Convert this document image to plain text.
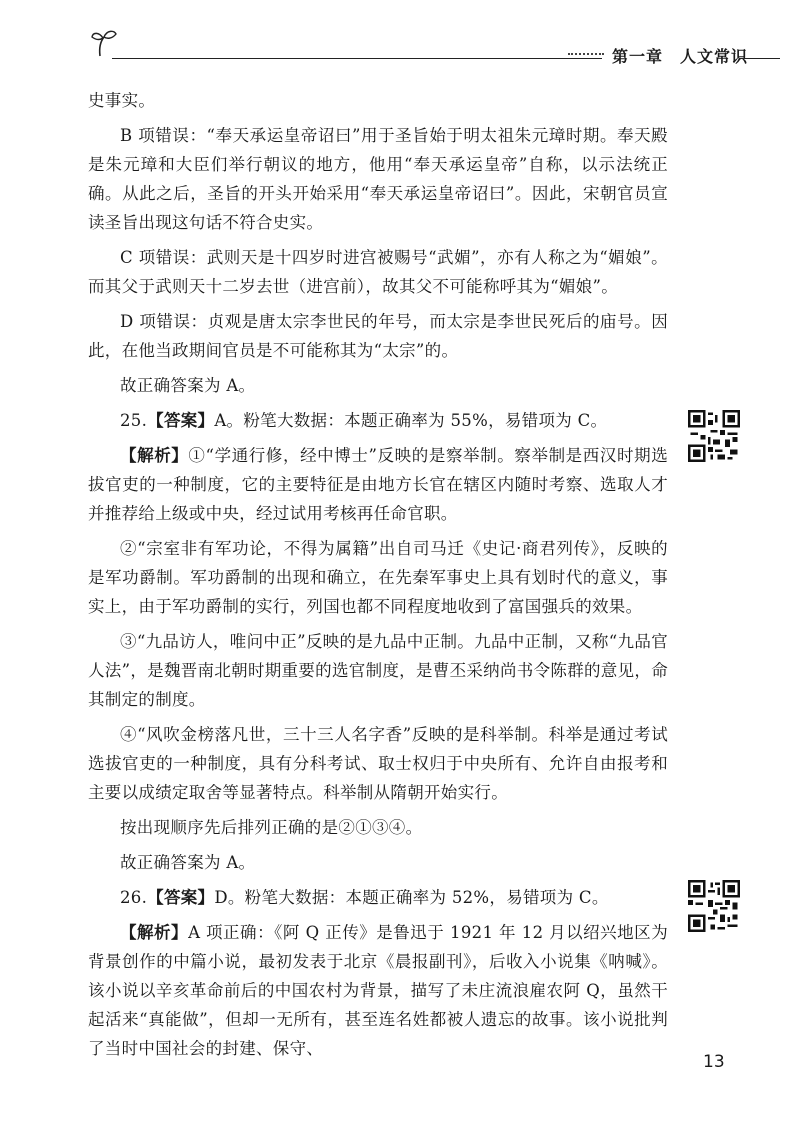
第一章　人文常识

史事实。

B 项错误：“奉天承运皇帝诏曰”用于圣旨始于明太祖朱元璋时期。奉天殿是朱元璋和大臣们举行朝议的地方，他用“奉天承运皇帝”自称，以示法统正确。从此之后，圣旨的开头开始采用“奉天承运皇帝诏曰”。因此，宋朝官员宣读圣旨出现这句话不符合史实。

C 项错误：武则天是十四岁时进宫被赐号“武媚”，亦有人称之为“媚娘”。而其父于武则天十二岁去世（进宫前），故其父不可能称呼其为“媚娘”。

D 项错误：贞观是唐太宗李世民的年号，而太宗是李世民死后的庙号。因此，在他当政期间官员是不可能称其为“太宗”的。

故正确答案为 A。

25.【答案】A。粉笔大数据：本题正确率为 55%，易错项为 C。

【解析】①“学通行修，经中博士”反映的是察举制。察举制是西汉时期选拔官吏的一种制度，它的主要特征是由地方长官在辖区内随时考察、选取人才并推荐给上级或中央，经过试用考核再任命官职。

②“宗室非有军功论，不得为属籍”出自司马迁《史记·商君列传》，反映的是军功爵制。军功爵制的出现和确立，在先秦军事史上具有划时代的意义，事实上，由于军功爵制的实行，列国也都不同程度地收到了富国强兵的效果。

③“九品访人，唯问中正”反映的是九品中正制。九品中正制，又称“九品官人法”，是魏晋南北朝时期重要的选官制度，是曹丕采纳尚书令陈群的意见，命其制定的制度。

④“风吹金榜落凡世，三十三人名字香”反映的是科举制。科举是通过考试选拔官吏的一种制度，具有分科考试、取士权归于中央所有、允许自由报考和主要以成绩定取舍等显著特点。科举制从隋朝开始实行。

按出现顺序先后排列正确的是②①③④。

故正确答案为 A。

26.【答案】D。粉笔大数据：本题正确率为 52%，易错项为 C。

【解析】A 项正确：《阿 Q 正传》是鲁迅于 1921 年 12 月以绍兴地区为背景创作的中篇小说，最初发表于北京《晨报副刊》，后收入小说集《呐喊》。该小说以辛亥革命前后的中国农村为背景，描写了未庄流浪雇农阿 Q，虽然干起活来“真能做”，但却一无所有，甚至连名姓都被人遗忘的故事。该小说批判了当时中国社会的封建、保守、

13
